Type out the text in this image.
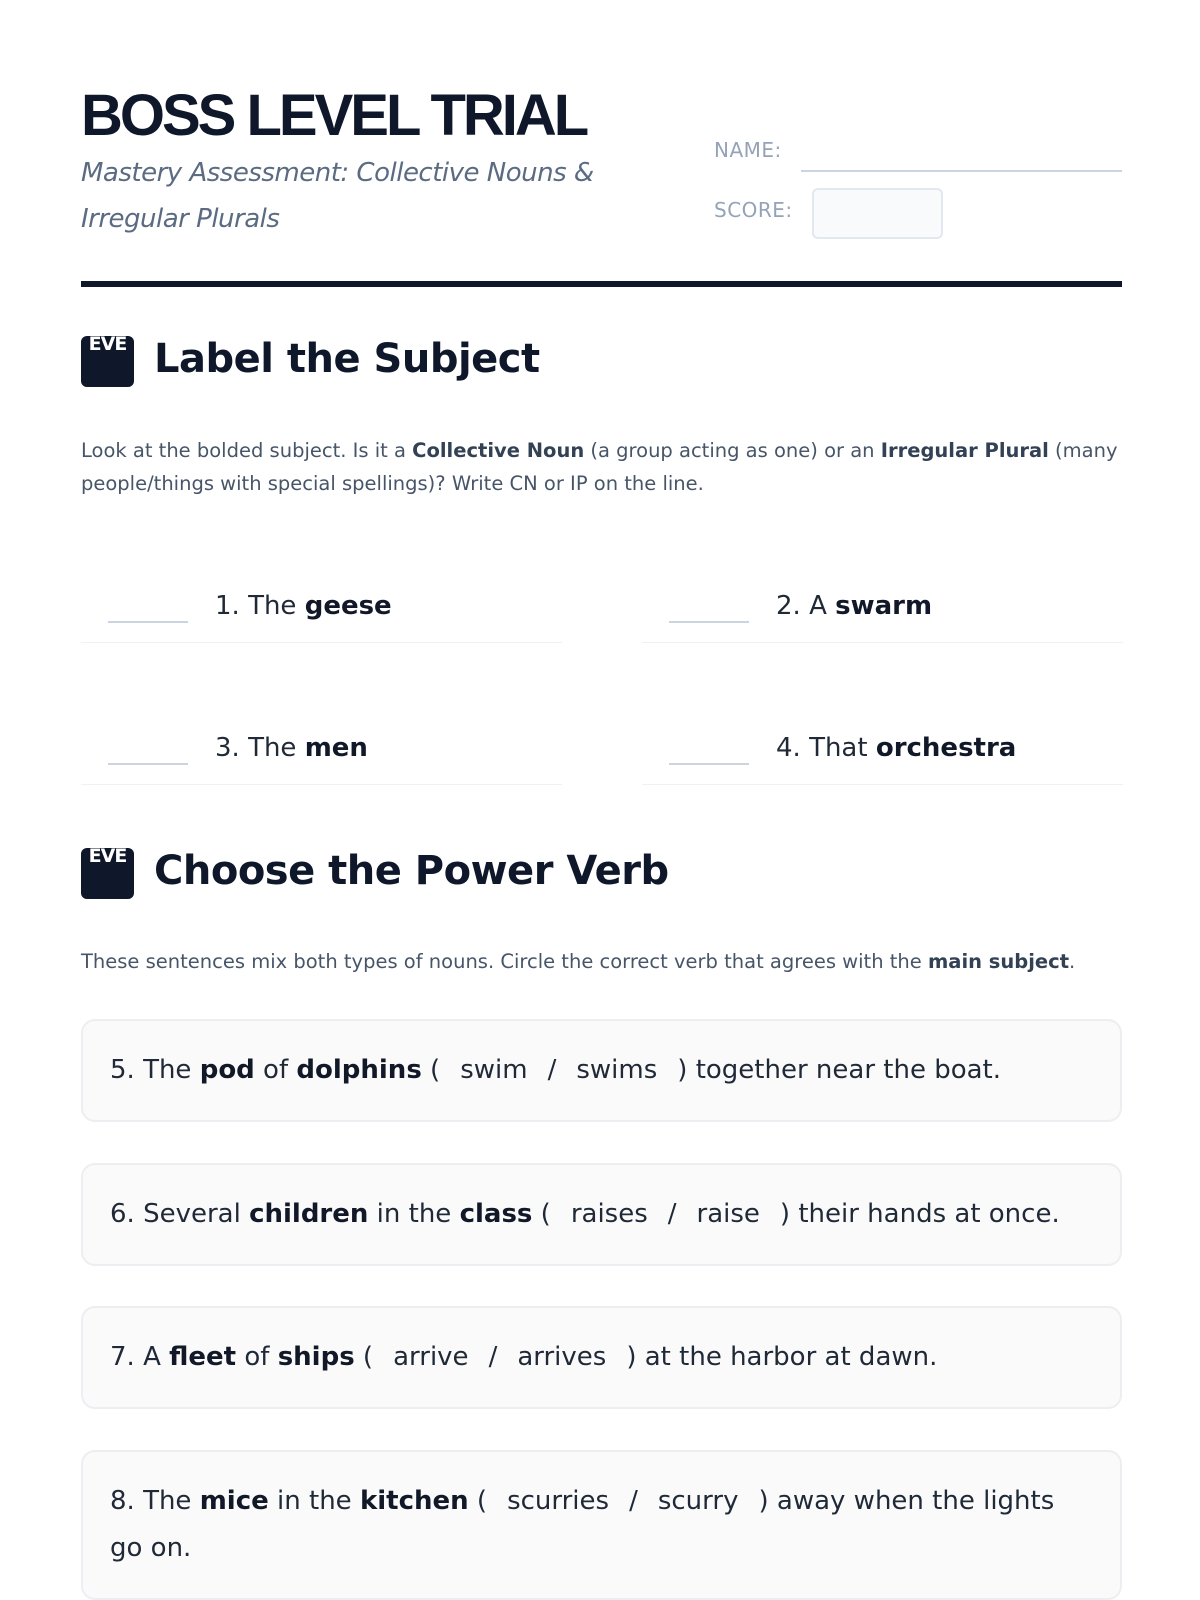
BOSS LEVEL TRIAL
Mastery Assessment: Collective Nouns & Irregular Plurals
NAME:
SCORE:
EVE Label the Subject
Look at the bolded subject. Is it a Collective Noun (a group acting as one) or an Irregular Plural (many people/things with special spellings)? Write CN or IP on the line.
1. The geese	2. A swarm
3. The men	4. That orchestra
EVE Choose the Power Verb
These sentences mix both types of nouns. Circle the correct verb that agrees with the main subject.
5. The pod of dolphins ( swim / swims ) together near the boat.
6. Several children in the class ( raises / raise ) their hands at once.
7. A fleet of ships ( arrive / arrives ) at the harbor at dawn.
8. The mice in the kitchen ( scurries / scurry ) away when the lights go on.
